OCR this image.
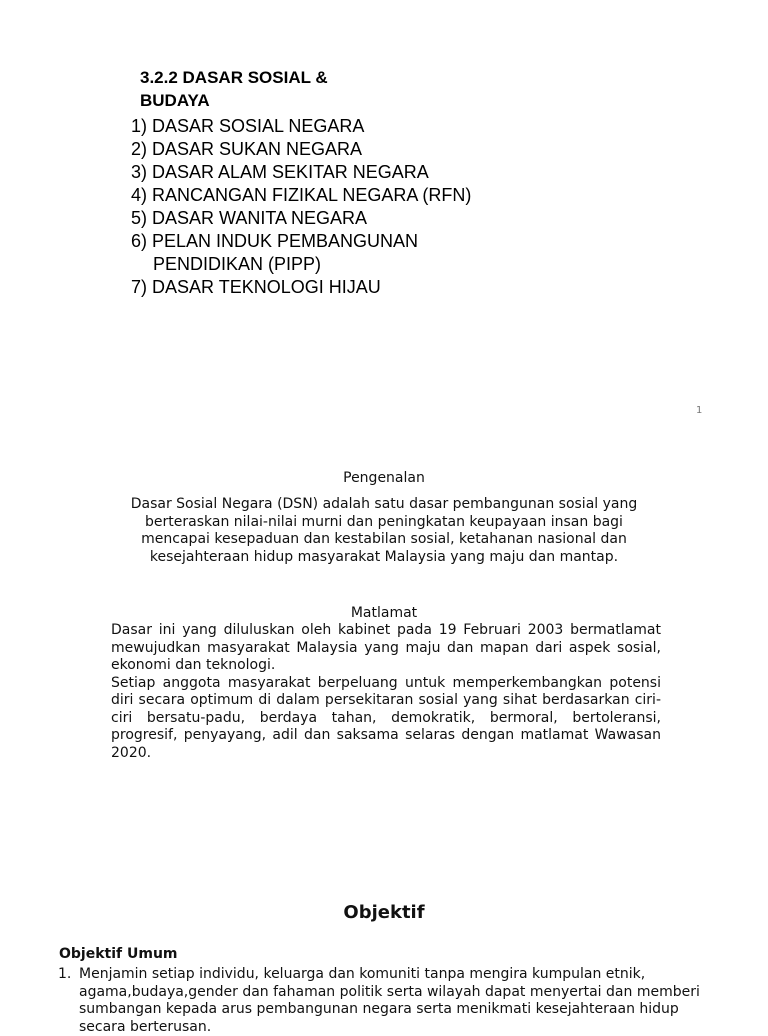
3.2.2 DASAR SOSIAL & BUDAYA
1) DASAR SOSIAL NEGARA
2) DASAR SUKAN NEGARA
3) DASAR ALAM SEKITAR NEGARA
4) RANCANGAN FIZIKAL NEGARA (RFN)
5) DASAR WANITA NEGARA
6) PELAN INDUK PEMBANGUNAN PENDIDIKAN (PIPP)
7) DASAR TEKNOLOGI HIJAU
1
Pengenalan
Dasar Sosial Negara (DSN) adalah satu dasar pembangunan sosial yang berteraskan nilai-nilai murni dan peningkatan keupayaan insan bagi mencapai kesepaduan dan kestabilan sosial, ketahanan nasional dan kesejahteraan hidup masyarakat Malaysia yang maju dan mantap.
Matlamat

Dasar ini yang diluluskan oleh kabinet pada 19 Februari 2003 bermatlamat mewujudkan masyarakat Malaysia yang maju dan mapan dari aspek sosial, ekonomi dan teknologi.

Setiap anggota masyarakat berpeluang untuk memperkembangkan potensi diri secara optimum di dalam persekitaran sosial yang sihat berdasarkan ciri-ciri bersatu-padu, berdaya tahan, demokratik, bermoral, bertoleransi, progresif, penyayang, adil dan saksama selaras dengan matlamat Wawasan 2020.

Objektif
Objektif Umum
1. Menjamin setiap individu, keluarga dan komuniti tanpa mengira kumpulan etnik, agama,budaya,gender dan fahaman politik serta wilayah dapat menyertai dan memberi sumbangan kepada arus pembangunan negara serta menikmati kesejahteraan hidup secara berterusan.
